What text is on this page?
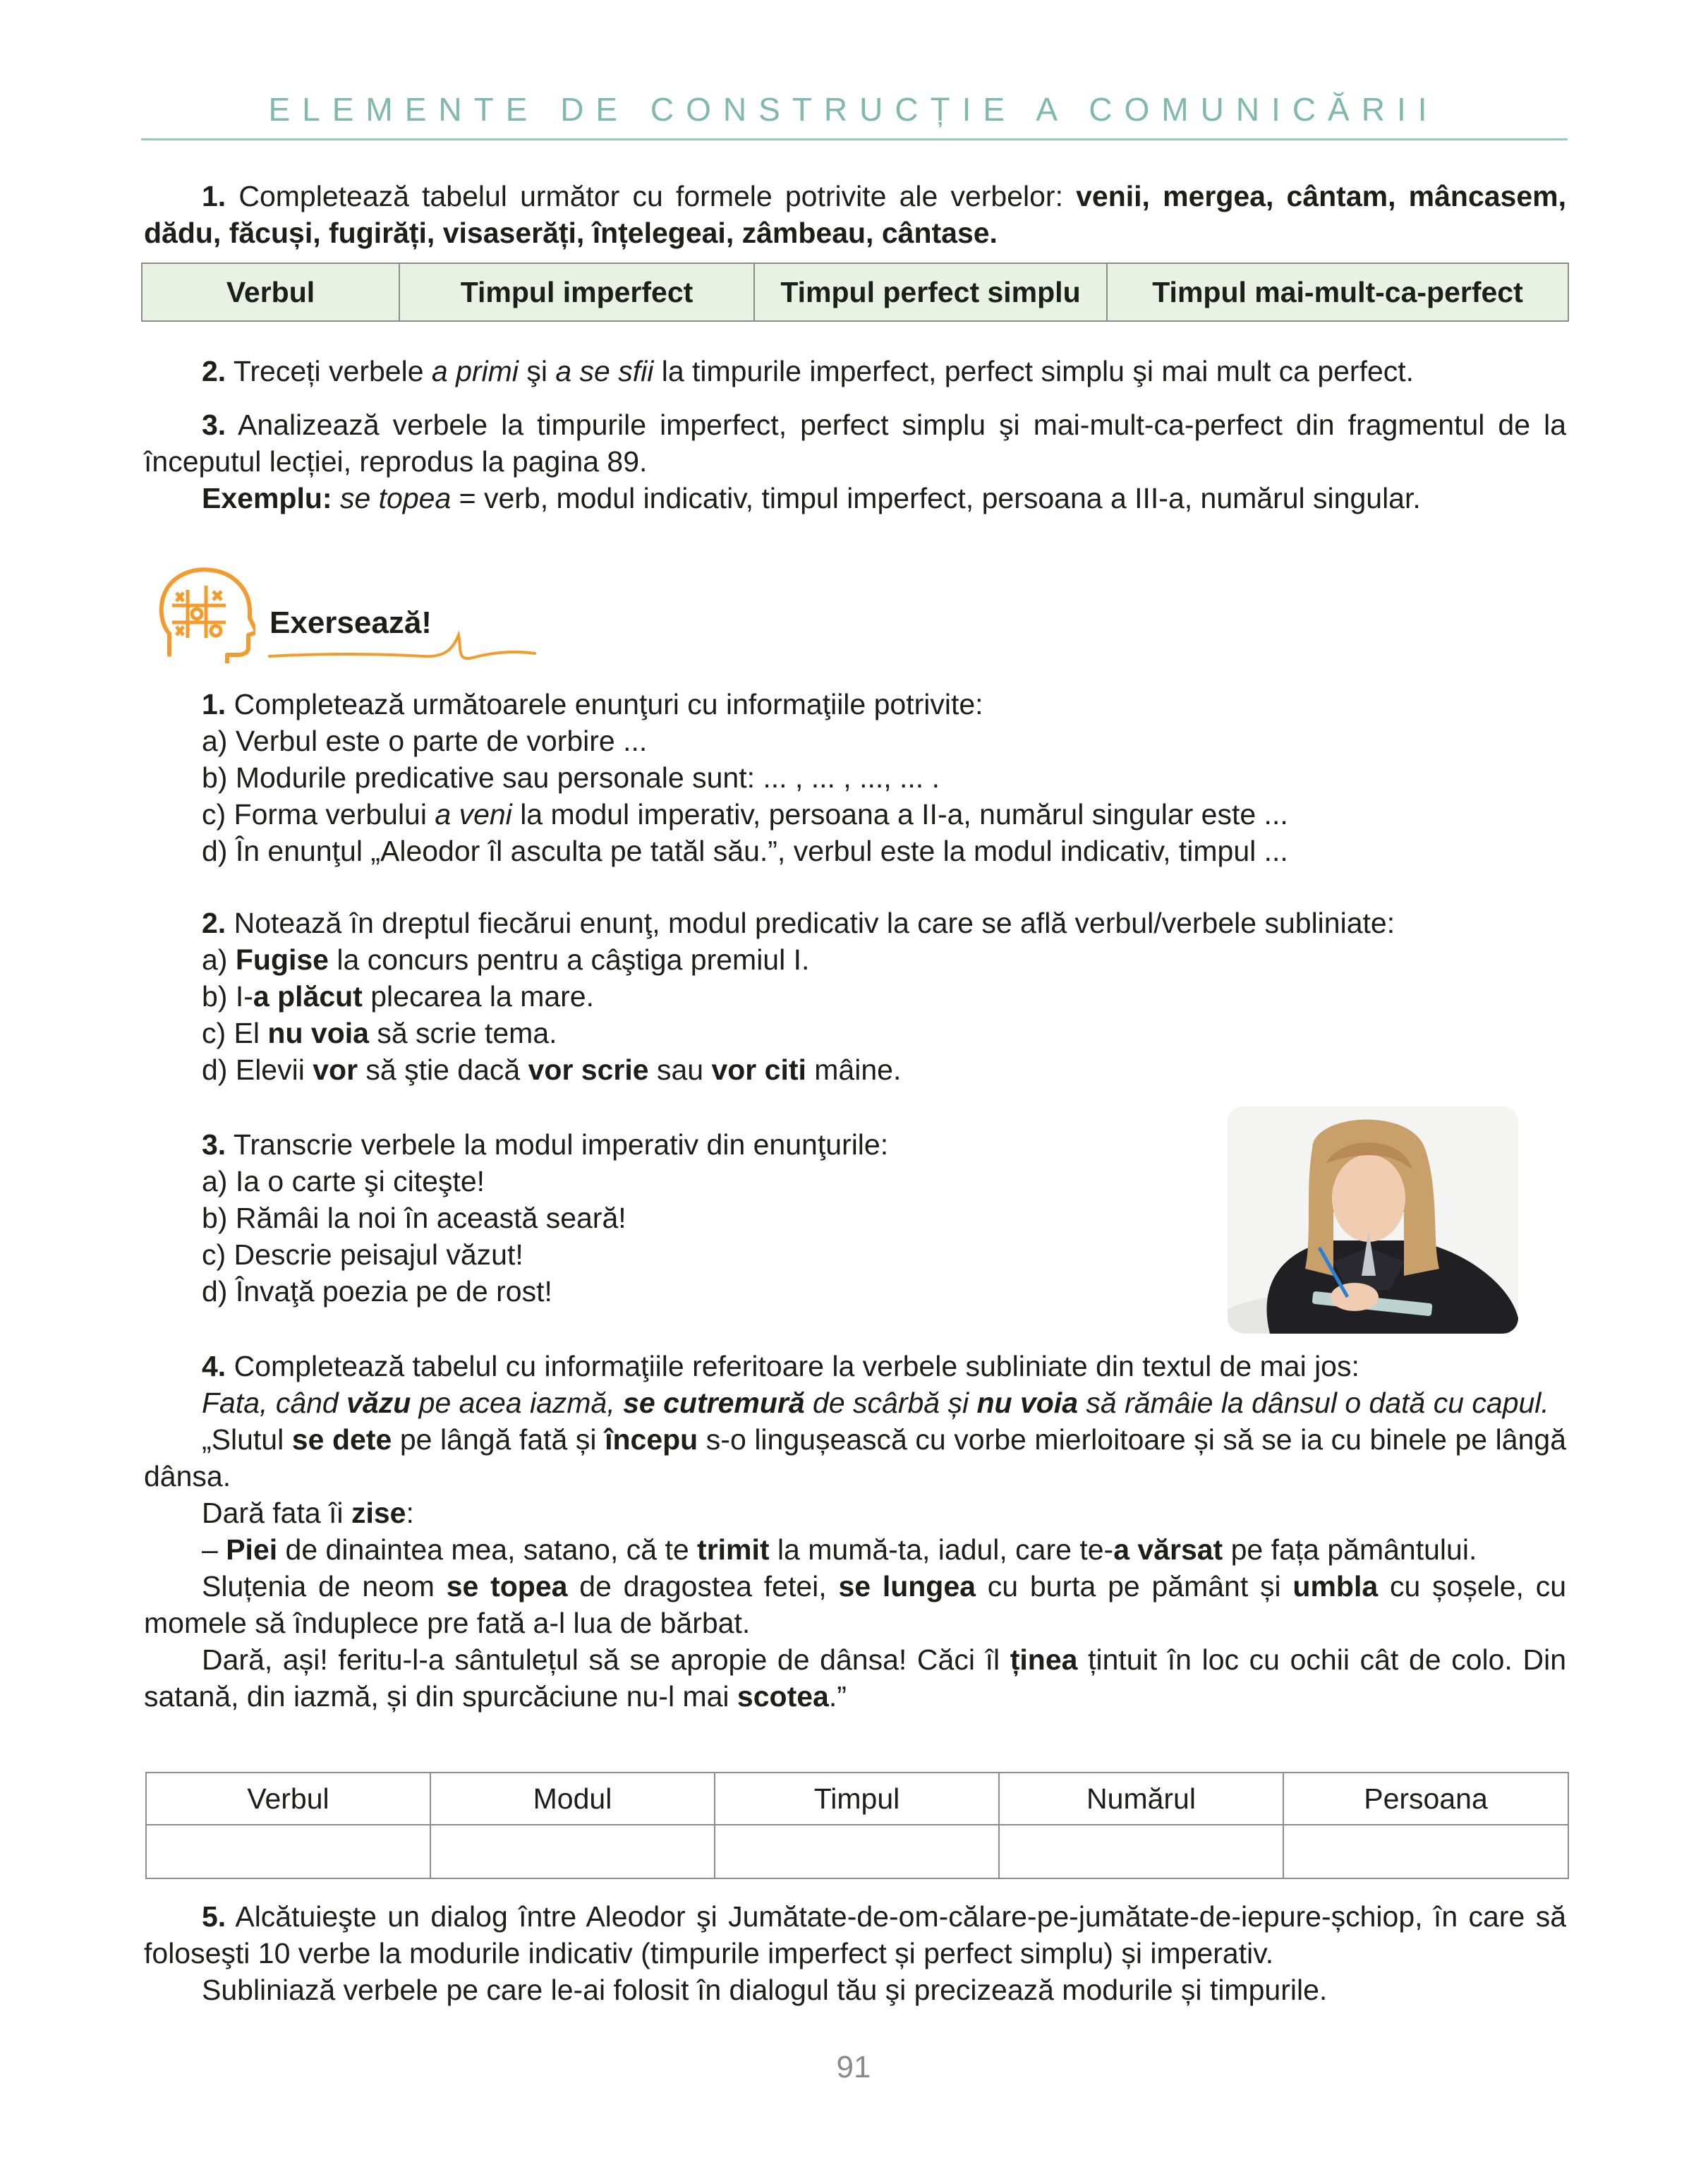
ELEMENTE DE CONSTRUCȚIE A COMUNICĂRII
1. Completează tabelul următor cu formele potrivite ale verbelor: venii, mergea, cântam, mâncasem, dădu, făcuși, fugirăți, visaserăți, înțelegeai, zâmbeau, cântase.
Verbul	Timpul imperfect	Timpul perfect simplu	Timpul mai-mult-ca-perfect
2. Treceți verbele a primi şi a se sfii la timpurile imperfect, perfect simplu şi mai mult ca perfect.
3. Analizează verbele la timpurile imperfect, perfect simplu şi mai-mult-ca-perfect din fragmentul de la începutul lecției, reprodus la pagina 89.
Exemplu: se topea = verb, modul indicativ, timpul imperfect, persoana a III-a, numărul singular.
Exersează!
1. Completează următoarele enunţuri cu informaţiile potrivite:
a) Verbul este o parte de vorbire ...
b) Modurile predicative sau personale sunt: ... , ... , ..., ... .
c) Forma verbului a veni la modul imperativ, persoana a II-a, numărul singular este ...
d) În enunţul „Aleodor îl asculta pe tatăl său.”, verbul este la modul indicativ, timpul ...
2. Notează în dreptul fiecărui enunţ, modul predicativ la care se află verbul/verbele subliniate:
a) Fugise la concurs pentru a câştiga premiul I.
b) I-a plăcut plecarea la mare.
c) El nu voia să scrie tema.
d) Elevii vor să ştie dacă vor scrie sau vor citi mâine.
3. Transcrie verbele la modul imperativ din enunţurile:
a) Ia o carte şi citeşte!
b) Rămâi la noi în această seară!
c) Descrie peisajul văzut!
d) Învaţă poezia pe de rost!
4. Completează tabelul cu informaţiile referitoare la verbele subliniate din textul de mai jos:
Fata, când văzu pe acea iazmă, se cutremură de scârbă și nu voia să rămâie la dânsul o dată cu capul.
„Slutul se dete pe lângă fată și începu s-o lingușească cu vorbe mierloitoare și să se ia cu binele pe lângă dânsa.
Dară fata îi zise:
– Piei de dinaintea mea, satano, că te trimit la mumă-ta, iadul, care te-a vărsat pe fața pământului.
Sluțenia de neom se topea de dragostea fetei, se lungea cu burta pe pământ și umbla cu șoșele, cu momele să înduplece pre fată a-l lua de bărbat.
Dară, ași! feritu-l-a sântulețul să se apropie de dânsa! Căci îl ținea țintuit în loc cu ochii cât de colo. Din satană, din iazmă, și din spurcăciune nu-l mai scotea.”
Verbul	Modul	Timpul	Numărul	Persoana

5. Alcătuieşte un dialog între Aleodor şi Jumătate-de-om-călare-pe-jumătate-de-iepure-șchiop, în care să foloseşti 10 verbe la modurile indicativ (timpurile imperfect și perfect simplu) și imperativ.
Subliniază verbele pe care le-ai folosit în dialogul tău şi precizează modurile și timpurile.
91
